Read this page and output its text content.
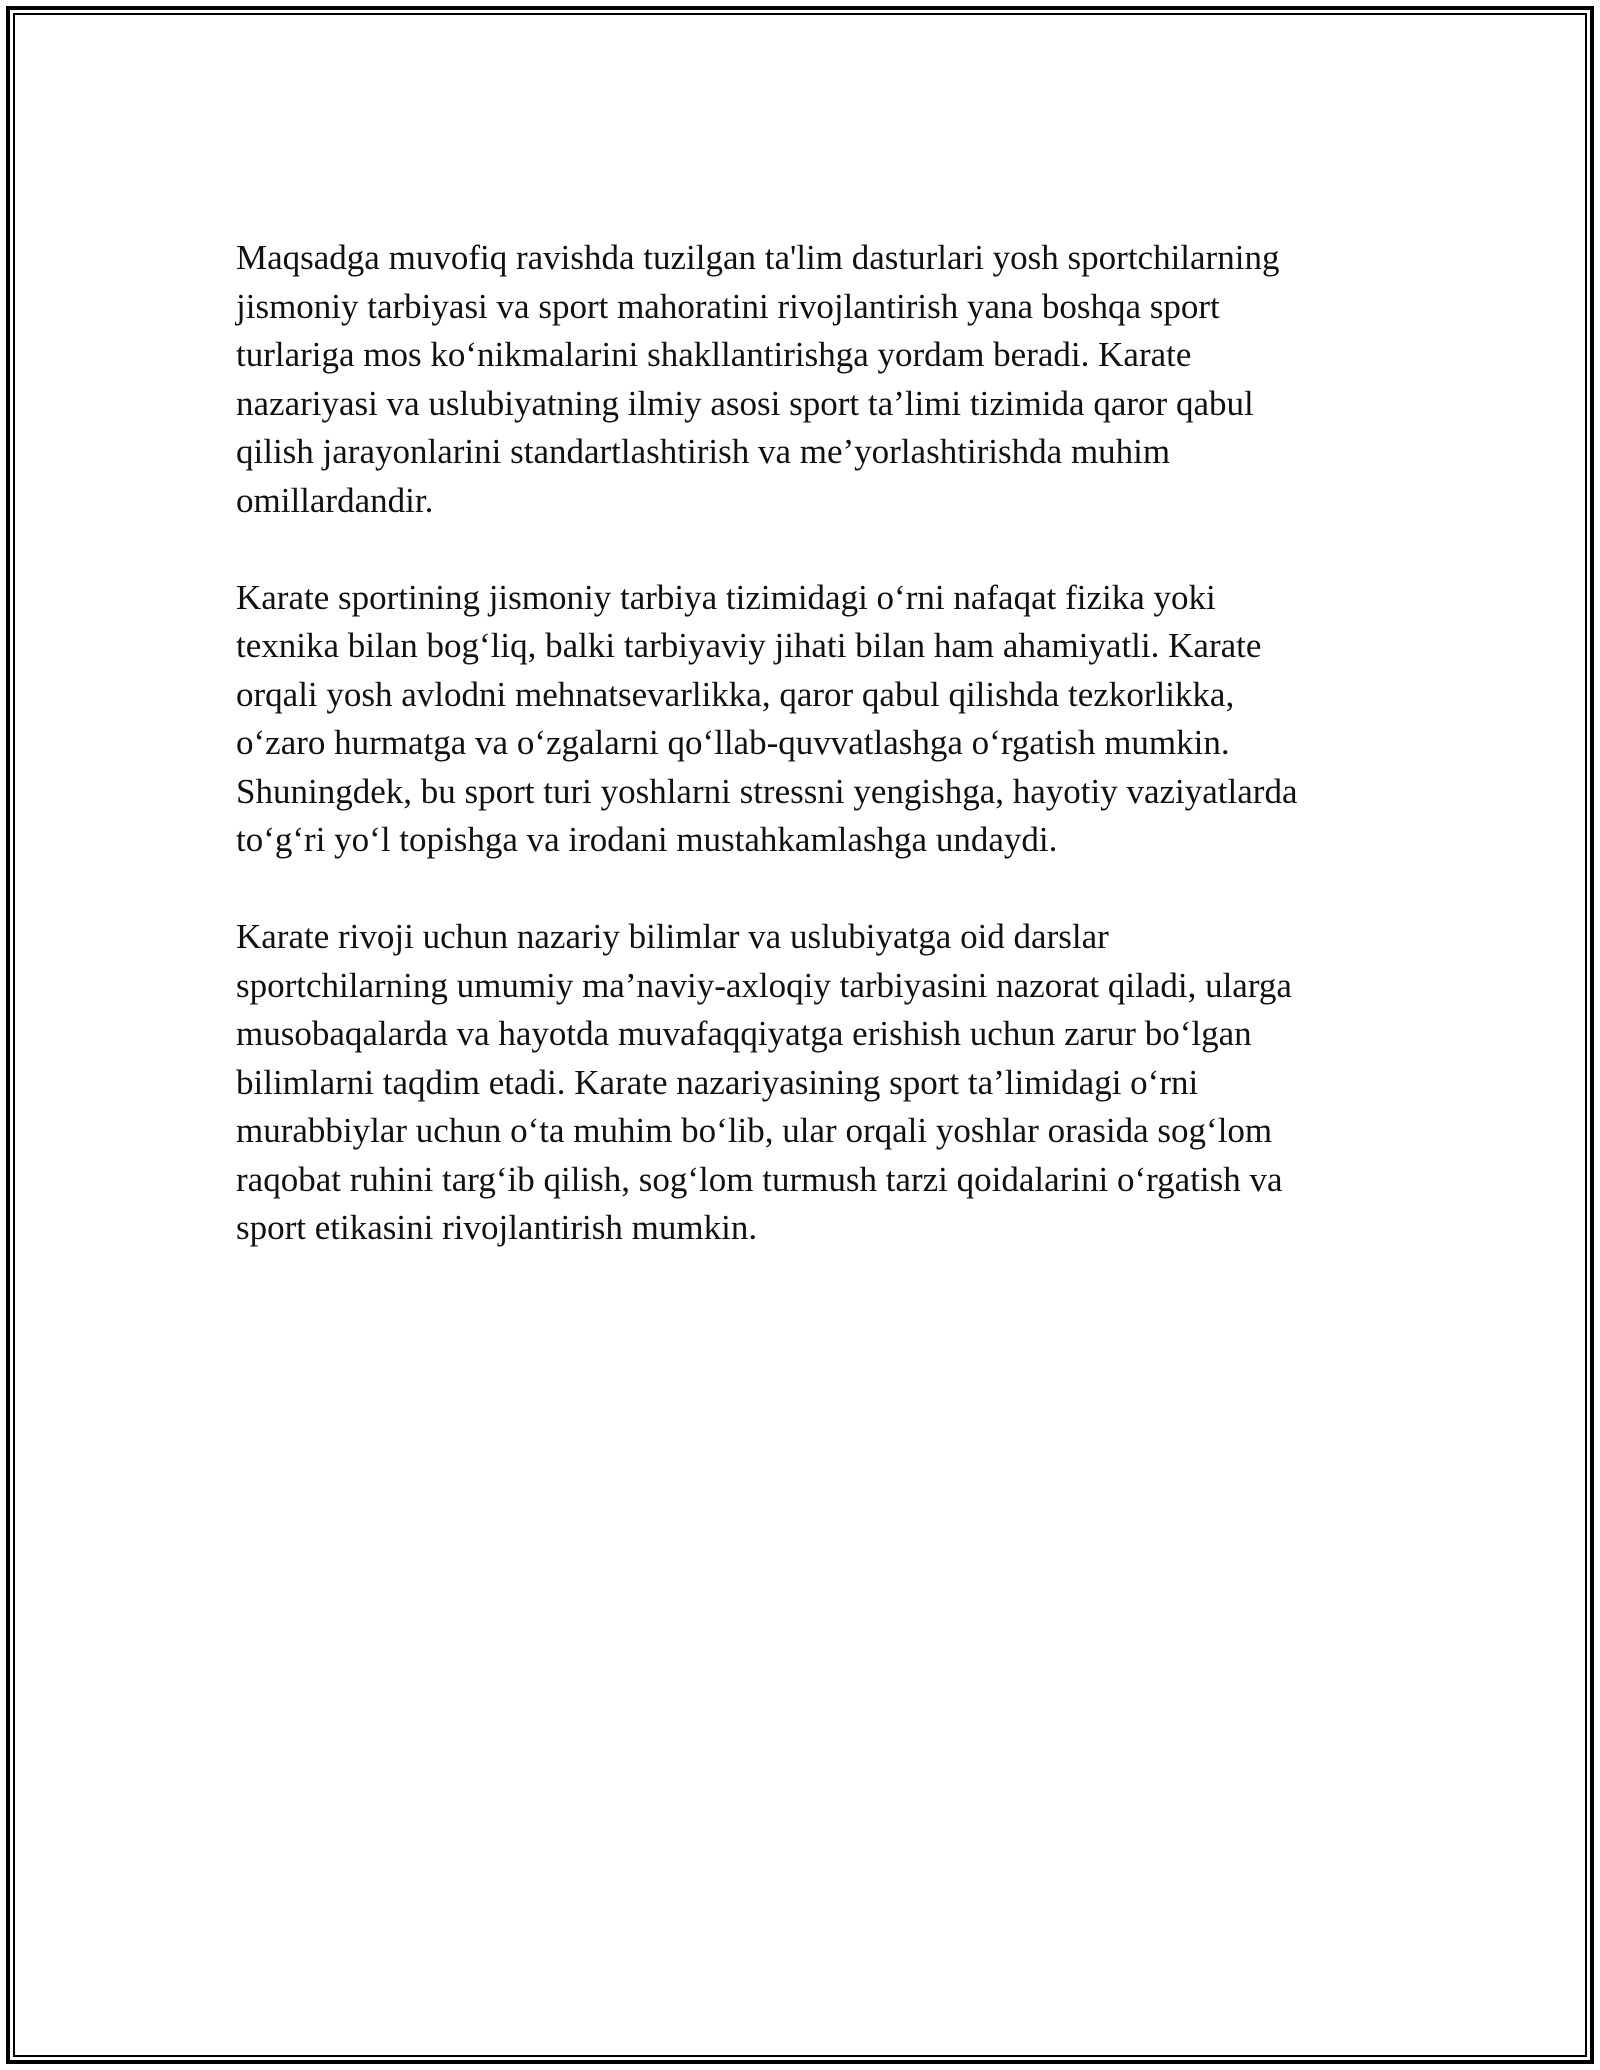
Maqsadga muvofiq ravishda tuzilgan ta'lim dasturlari yosh sportchilarning
jismoniy tarbiyasi va sport mahoratini rivojlantirish yana boshqa sport
turlariga mos ko‘nikmalarini shakllantirishga yordam beradi. Karate
nazariyasi va uslubiyatning ilmiy asosi sport ta’limi tizimida qaror qabul
qilish jarayonlarini standartlashtirish va me’yorlashtirishda muhim
omillardandir.

Karate sportining jismoniy tarbiya tizimidagi o‘rni nafaqat fizika yoki
texnika bilan bog‘liq, balki tarbiyaviy jihati bilan ham ahamiyatli. Karate
orqali yosh avlodni mehnatsevarlikka, qaror qabul qilishda tezkorlikka,
o‘zaro hurmatga va o‘zgalarni qo‘llab-quvvatlashga o‘rgatish mumkin.
Shuningdek, bu sport turi yoshlarni stressni yengishga, hayotiy vaziyatlarda
to‘g‘ri yo‘l topishga va irodani mustahkamlashga undaydi.

Karate rivoji uchun nazariy bilimlar va uslubiyatga oid darslar
sportchilarning umumiy ma’naviy-axloqiy tarbiyasini nazorat qiladi, ularga
musobaqalarda va hayotda muvafaqqiyatga erishish uchun zarur bo‘lgan
bilimlarni taqdim etadi. Karate nazariyasining sport ta’limidagi o‘rni
murabbiylar uchun o‘ta muhim bo‘lib, ular orqali yoshlar orasida sog‘lom
raqobat ruhini targ‘ib qilish, sog‘lom turmush tarzi qoidalarini o‘rgatish va
sport etikasini rivojlantirish mumkin.
